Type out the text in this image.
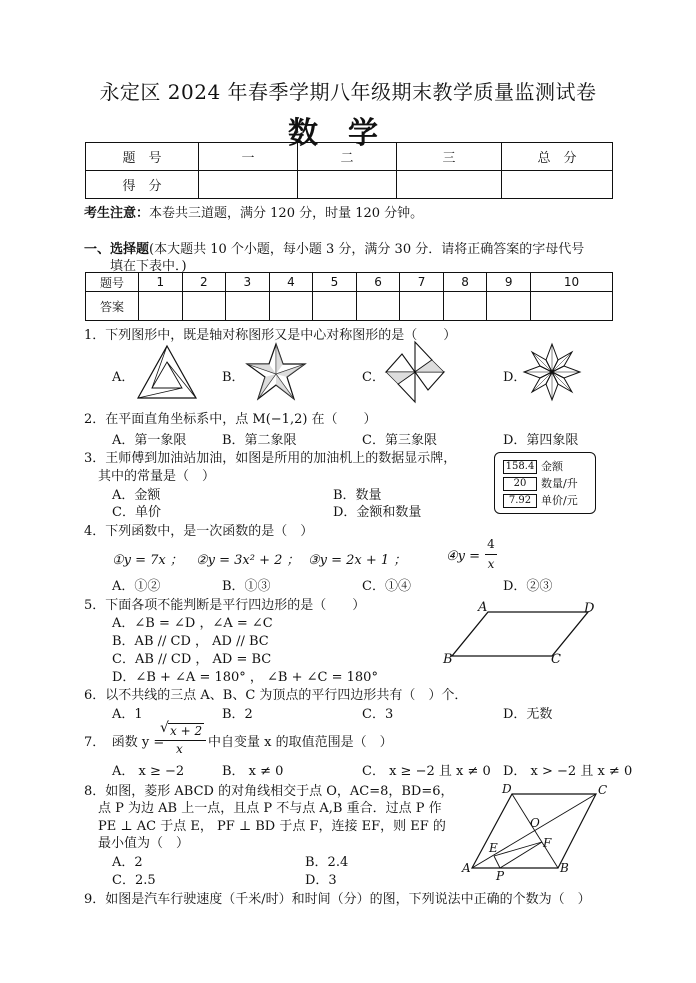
永定区 2024 年春季学期八年级期末教学质量监测试卷
数学
题　号	一	二	三	总　分
得　分				
考生注意：本卷共三道题，满分 120 分，时量 120 分钟。
一、选择题(本大题共 10 个小题，每小题 3 分，满分 30 分．请将正确答案的字母代号
填在下表中．)
题号	1	2	3	4	5	6	7	8	9	10
答案										
1．下列图形中，既是轴对称图形又是中心对称图形的是（　　）
A．	B．	C．	D．
2．在平面直角坐标系中，点 M(−1,2) 在（　　）
A．第一象限	B．第二象限	C．第三象限	D．第四象限
3．王师傅到加油站加油，如图是所用的加油机上的数据显示牌，
其中的常量是（　）
A．金额	B．数量
C．单价	D．金额和数量
158.4 金额
20 数量/升
7.92 单价/元
4．下列函数中，是一次函数的是（　）
①y = 7x ； ②y = 3x² + 2 ； ③y = 2x + 1 ；	④y =
4
x
A．①②	B．①③	C．①④	D．②③
5．下面各项不能判断是平行四边形的是（　　）
A．∠B = ∠D ，∠A = ∠C
B．AB // CD ， AD // BC
C．AB // CD ， AD = BC
D．∠B + ∠A = 180° ， ∠B + ∠C = 180°
A	D
B	C
6．以不共线的三点 A、B、C 为顶点的平行四边形共有（　）个．
A．1	B．2	C．3	D．无数
7．　函数 y =
x + 2
√
x 中自变量 x 的取值范围是（　）
A． x ≥ −2	B． x ≠ 0	C． x ≥ −2 且 x ≠ 0 D． x > −2 且 x ≠ 0
8．如图，菱形 ABCD 的对角线相交于点 O，AC=8，BD=6，
点 P 为边 AB 上一点，且点 P 不与点 A,B 重合．过点 P 作
PE ⊥ AC 于点 E， PF ⊥ BD 于点 F，连接 EF，则 EF 的
最小值为（　）
A．2	B．2.4
C．2.5	D．3
D	C
O
F
E
A
P
B
9．如图是汽车行驶速度（千米/时）和时间（分）的图，下列说法中正确的个数为（　）
